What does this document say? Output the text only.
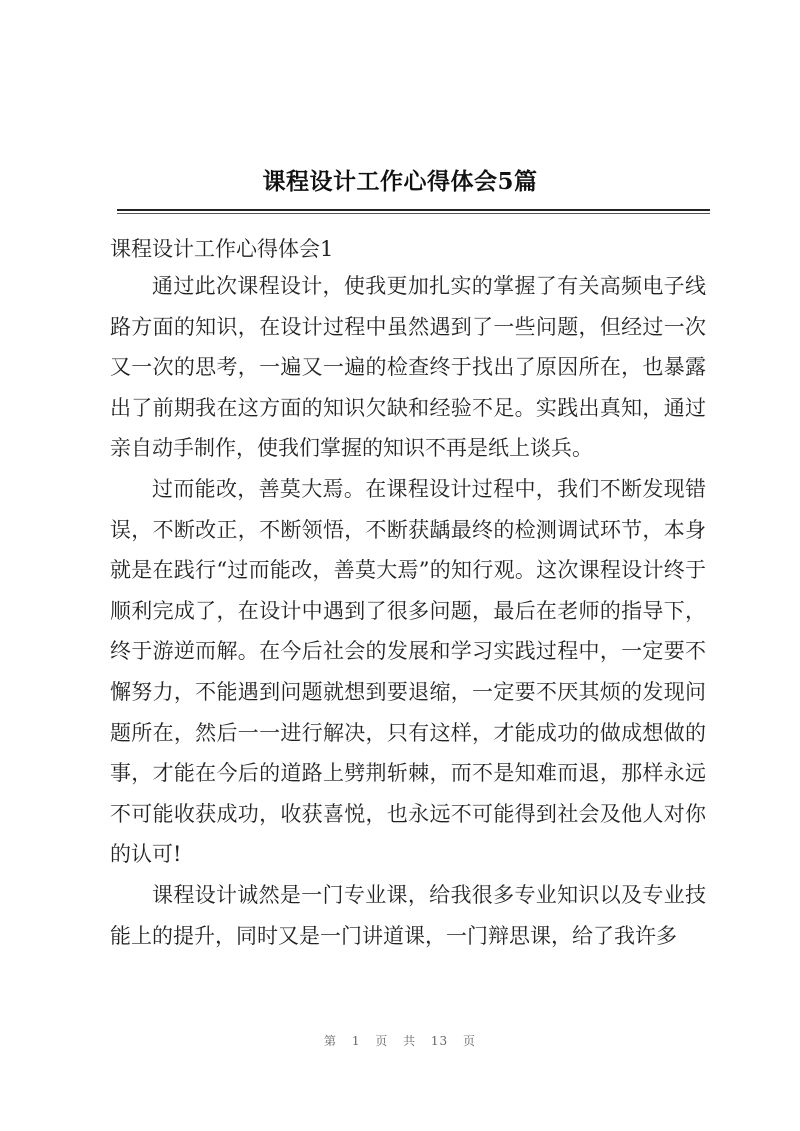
课程设计工作心得体会5篇
课程设计工作心得体会1

通过此次课程设计，使我更加扎实的掌握了有关高频电子线路方面的知识，在设计过程中虽然遇到了一些问题，但经过一次又一次的思考，一遍又一遍的检查终于找出了原因所在，也暴露出了前期我在这方面的知识欠缺和经验不足。实践出真知，通过亲自动手制作，使我们掌握的知识不再是纸上谈兵。

过而能改，善莫大焉。在课程设计过程中，我们不断发现错误，不断改正，不断领悟，不断获龋最终的检测调试环节，本身就是在践行“过而能改，善莫大焉”的知行观。这次课程设计终于顺利完成了，在设计中遇到了很多问题，最后在老师的指导下，终于游逆而解。在今后社会的发展和学习实践过程中，一定要不懈努力，不能遇到问题就想到要退缩，一定要不厌其烦的发现问题所在，然后一一进行解决，只有这样，才能成功的做成想做的事，才能在今后的道路上劈荆斩棘，而不是知难而退，那样永远不可能收获成功，收获喜悦，也永远不可能得到社会及他人对你的认可!

课程设计诚然是一门专业课，给我很多专业知识以及专业技能上的提升，同时又是一门讲道课，一门辩思课，给了我许多

第 1 页 共 13 页
